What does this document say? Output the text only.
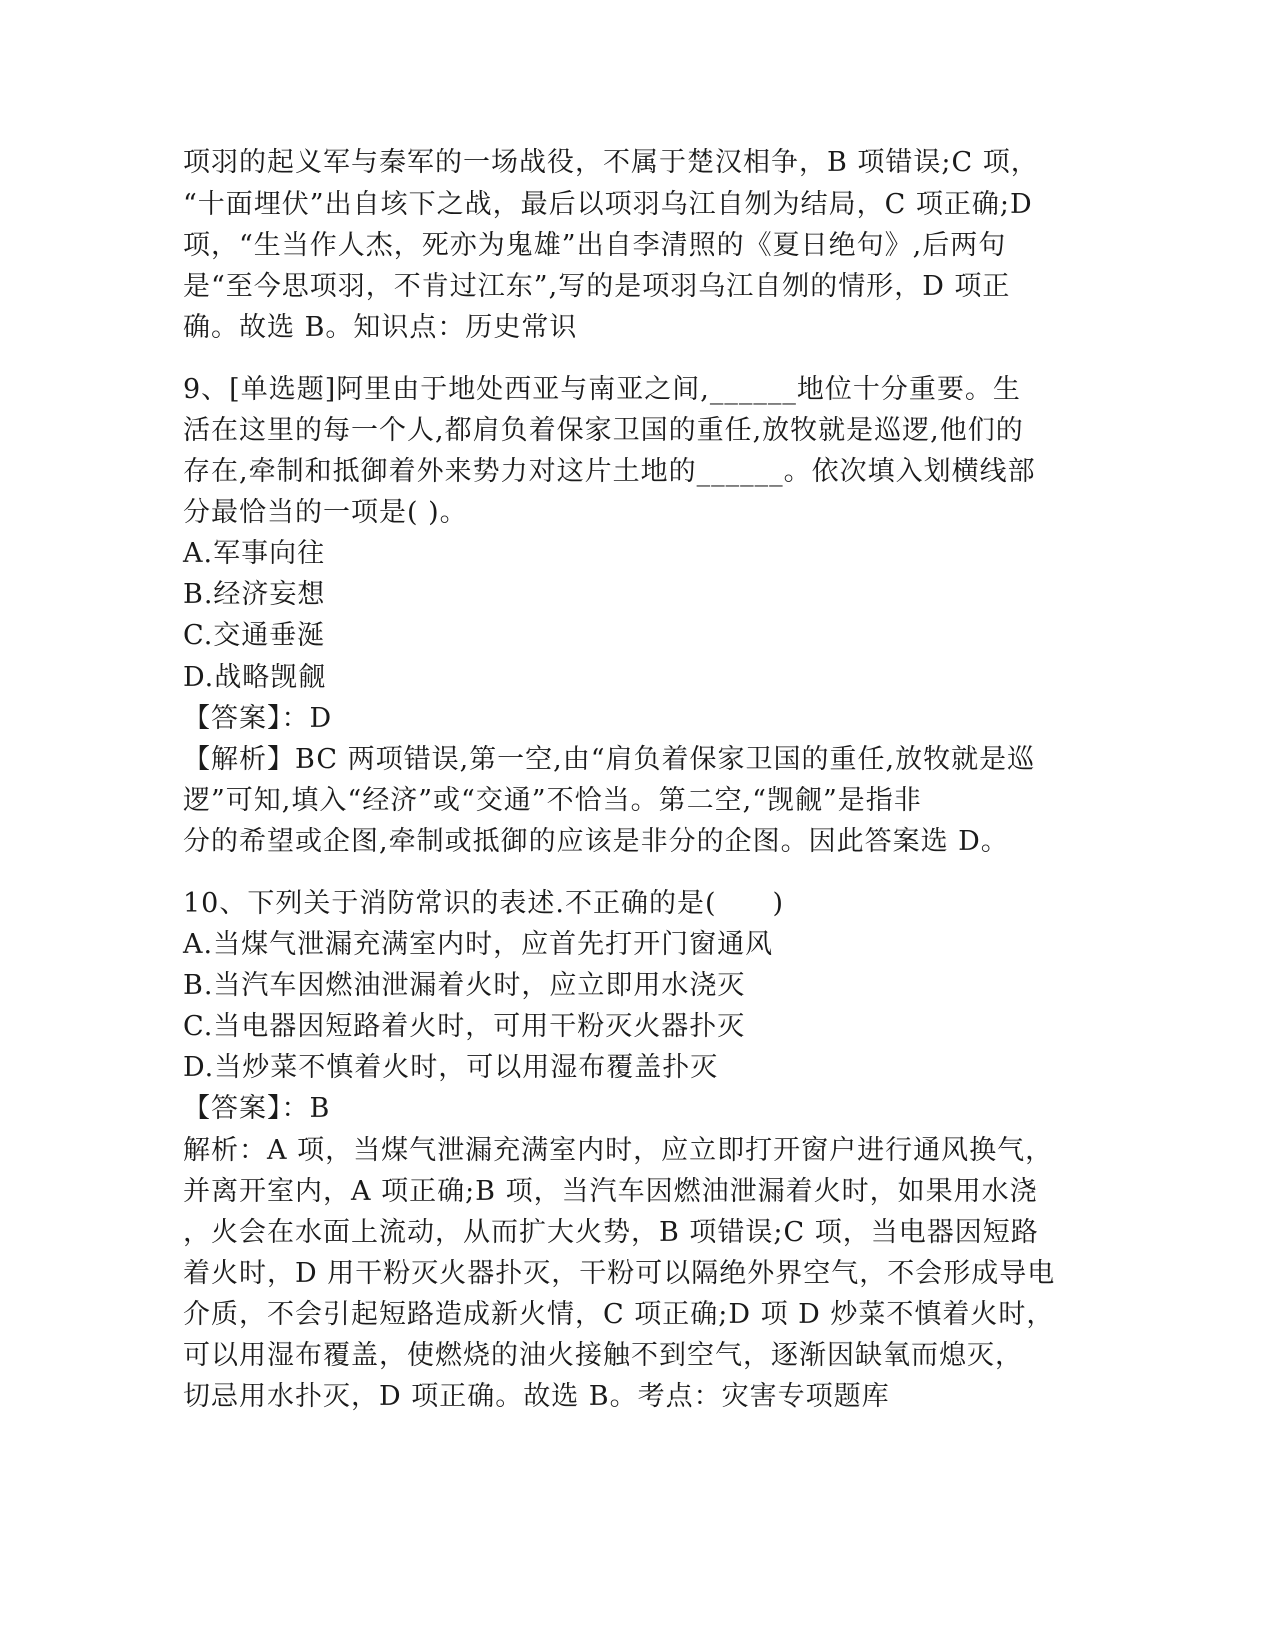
项羽的起义军与秦军的一场战役，不属于楚汉相争，B 项错误;C 项，
“十面埋伏”出自垓下之战，最后以项羽乌江自刎为结局，C 项正确;D
项，“生当作人杰，死亦为鬼雄”出自李清照的《夏日绝句》,后两句
是“至今思项羽，不肯过江东”,写的是项羽乌江自刎的情形，D 项正
确。故选 B。知识点：历史常识
9、[单选题]阿里由于地处西亚与南亚之间,______地位十分重要。生
活在这里的每一个人,都肩负着保家卫国的重任,放牧就是巡逻,他们的
存在,牵制和抵御着外来势力对这片土地的______。依次填入划横线部
分最恰当的一项是( )。
A.军事向往
B.经济妄想
C.交通垂涎
D.战略觊觎
【答案】：D
【解析】BC 两项错误,第一空,由“肩负着保家卫国的重任,放牧就是巡
逻”可知,填入“经济”或“交通”不恰当。第二空,“觊觎”是指非
分的希望或企图,牵制或抵御的应该是非分的企图。因此答案选 D。
10、下列关于消防常识的表述.不正确的是(　　)
A.当煤气泄漏充满室内时，应首先打开门窗通风
B.当汽车因燃油泄漏着火时，应立即用水浇灭
C.当电器因短路着火时，可用干粉灭火器扑灭
D.当炒菜不慎着火时，可以用湿布覆盖扑灭
【答案】：B
解析：A 项，当煤气泄漏充满室内时，应立即打开窗户进行通风换气，
并离开室内，A 项正确;B 项，当汽车因燃油泄漏着火时，如果用水浇
，火会在水面上流动，从而扩大火势，B 项错误;C 项，当电器因短路
着火时，D 用干粉灭火器扑灭，干粉可以隔绝外界空气，不会形成导电
介质，不会引起短路造成新火情，C 项正确;D 项 D 炒菜不慎着火时，
可以用湿布覆盖，使燃烧的油火接触不到空气，逐渐因缺氧而熄灭，
切忌用水扑灭，D 项正确。故选 B。考点：灾害专项题库
